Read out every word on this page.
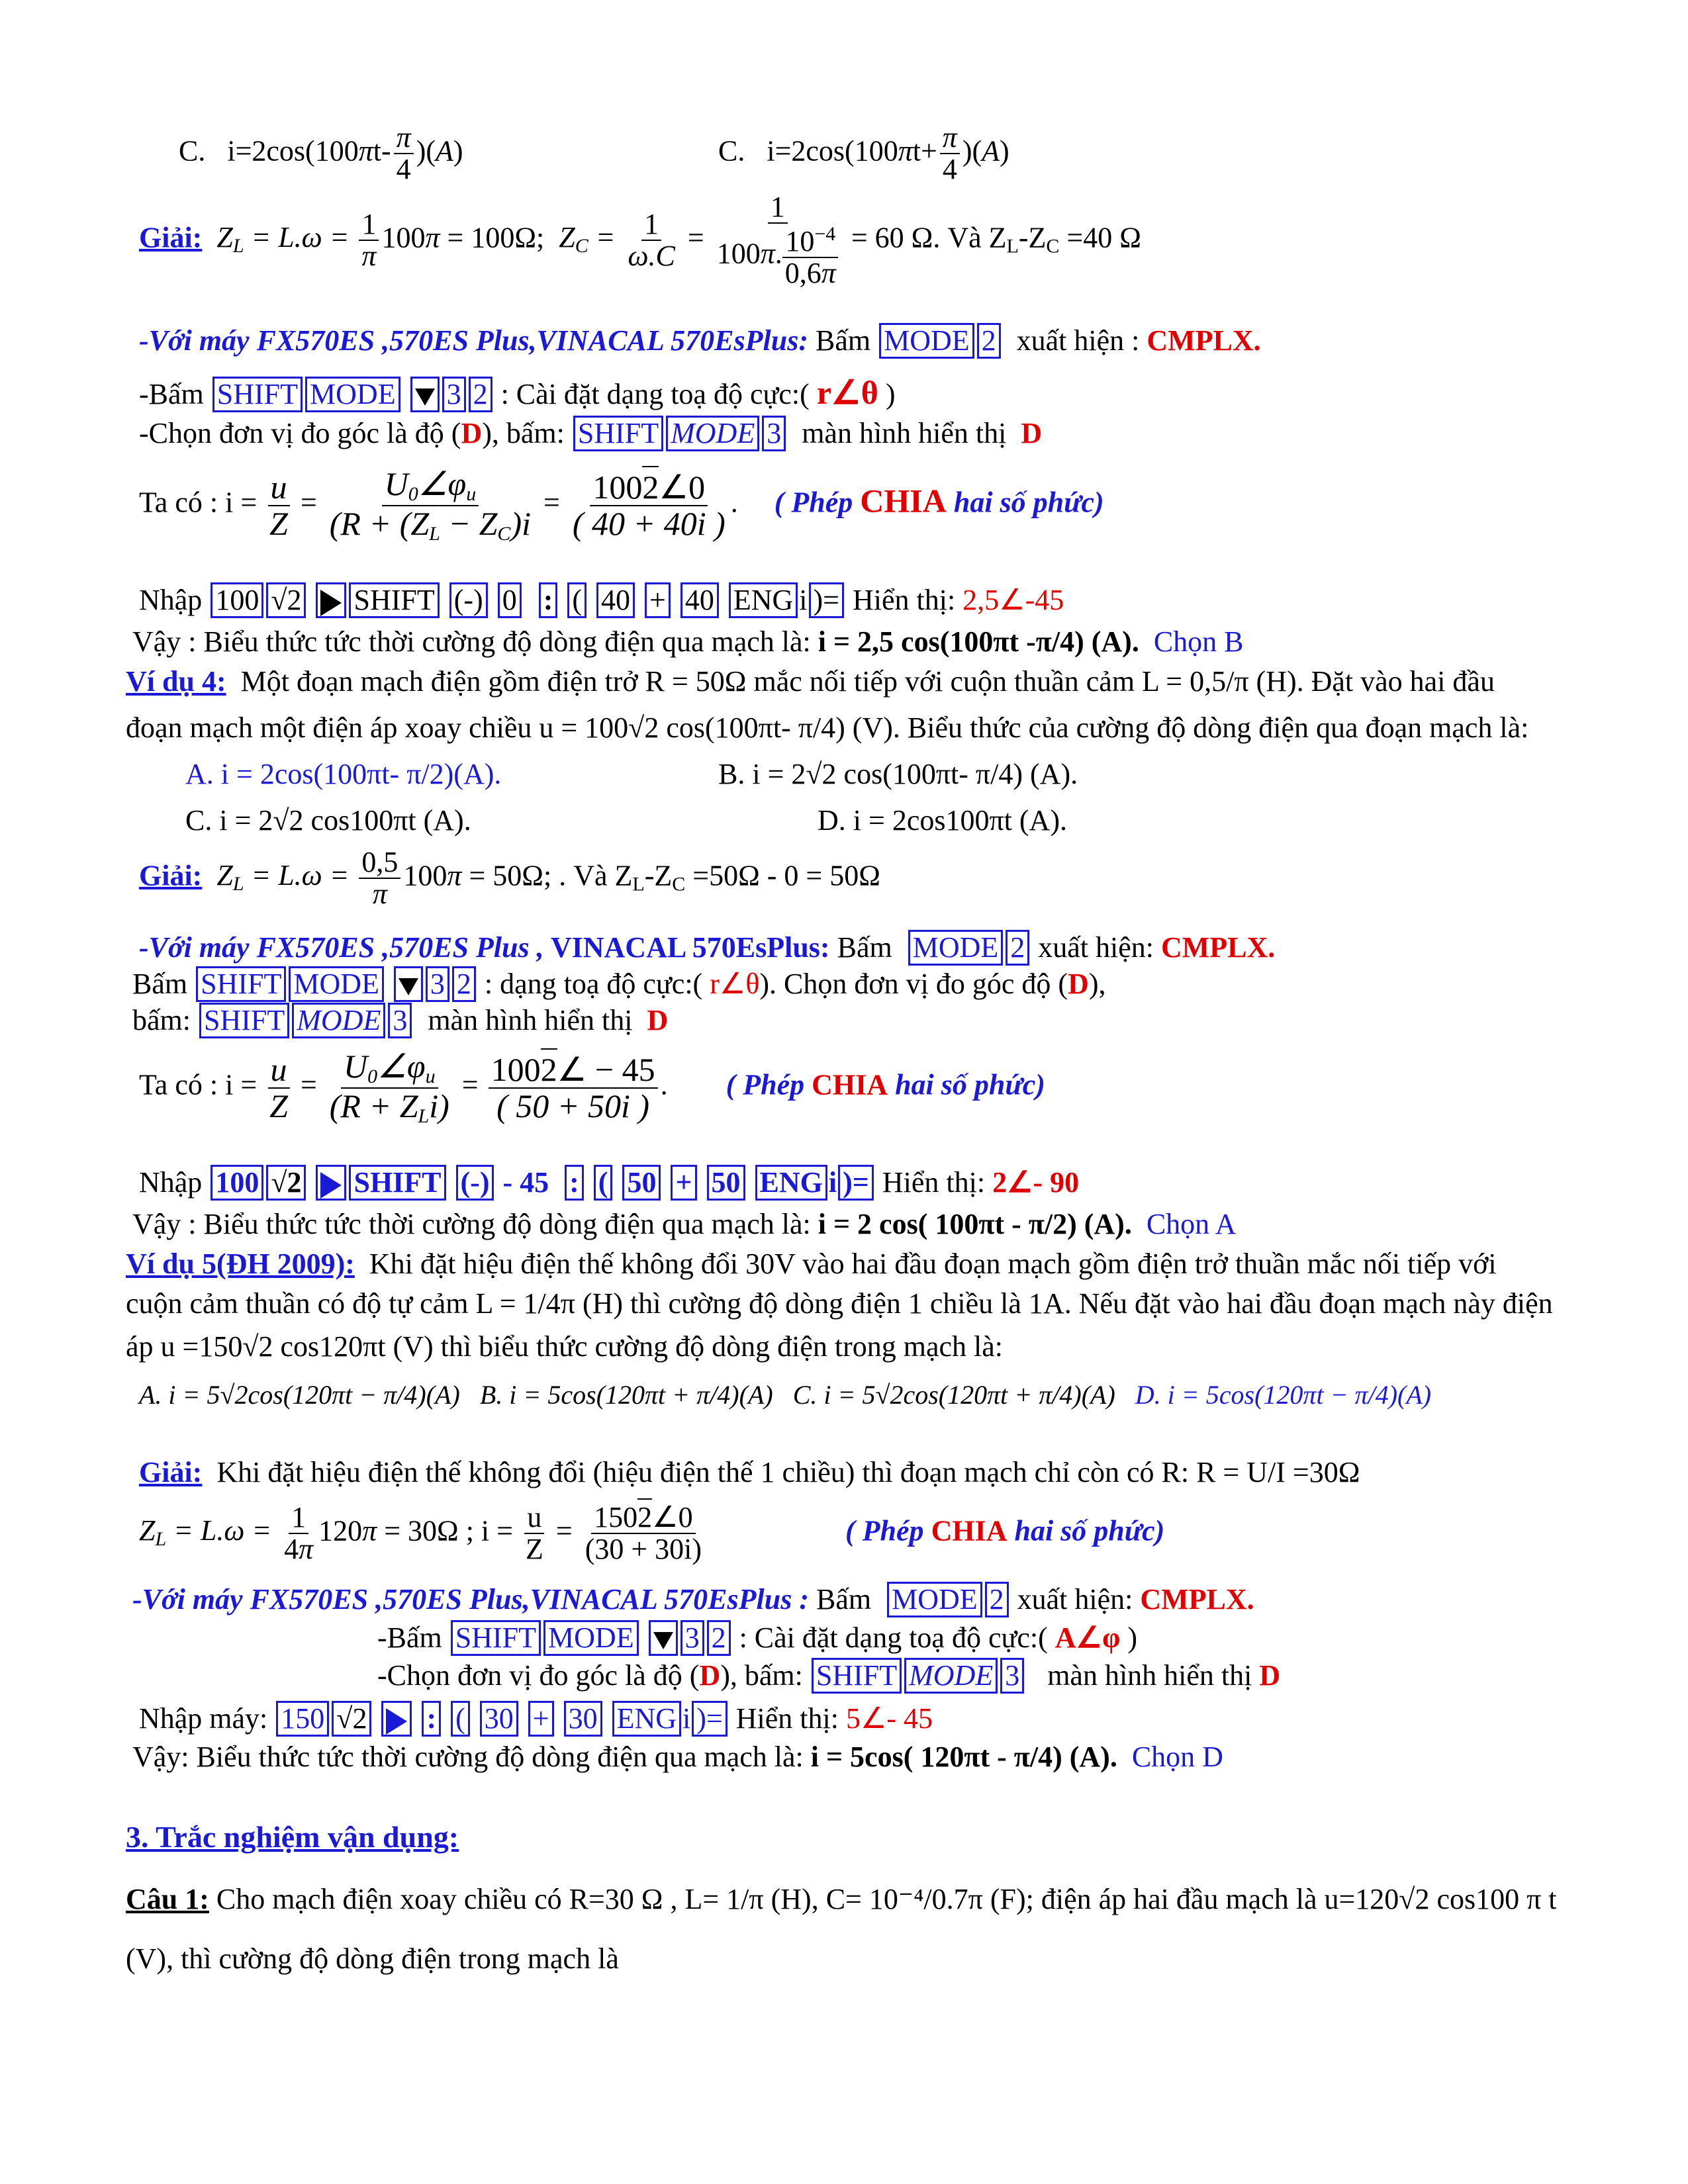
C.   $i=2\cos(100\pi t- \frac{\pi}{4} )(A)$	C.   $i=2\cos(100\pi t+ \frac{\pi}{4} )(A)$
Giải:  $Z_L = L.\omega = \frac{1}{\pi} 100\pi = 100\Omega$;  $Z_C = \frac{1}{\omega.C} = \frac{1}{100\pi. \frac{10^{-4}}{0,6\pi}} = 60$ Ω. Và $Z_L-Z_C =40$ Ω
-Với máy FX570ES ,570ES Plus,VINACAL 570EsPlus: Bấm MODE 2 xuất hiện : CMPLX.
-Bấm SHIFT MODE 3 2 : Cài đặt dạng toạ độ cực:( r∠θ )
-Chọn đơn vị đo góc là độ (D), bấm: SHIFT MODE 3 màn hình hiển thị D
Ta có : $i = \frac{u}{Z} = \frac{U_0\angle\varphi_u}{(R + (Z_L - Z_C)i} = \frac{1002\angle 0}{( 40 + 40i )}$ .     ( Phép CHIA hai số phức)
Nhập 100 √2 SHIFT (-) 0 : ( 40 + 40 ENG i )= Hiển thị: 2,5∠-45
Vậy : Biểu thức tức thời cường độ dòng điện qua mạch là: i = 2,5 cos(100πt -π/4) (A). Chọn B
Ví dụ 4: Một đoạn mạch điện gồm điện trở R = 50Ω mắc nối tiếp với cuộn thuần cảm L = 0,5/π (H). Đặt vào hai đầu
đoạn mạch một điện áp xoay chiều u = 100√2 cos(100πt- π/4) (V). Biểu thức của cường độ dòng điện qua đoạn mạch là:
A. i = 2cos(100πt- π/2)(A).	B. i = 2√2 cos(100πt- π/4) (A).
C. i = 2√2 cos100πt (A).	D. i = 2cos100πt (A).
Giải:  $Z_L = L.\omega = \frac{0,5}{\pi} 100\pi = 50\Omega$; . Và $Z_L-Z_C =50\Omega - 0 = 50\Omega$
-Với máy FX570ES ,570ES Plus , VINACAL 570EsPlus: Bấm MODE 2 xuất hiện: CMPLX.
Bấm SHIFT MODE 3 2 : dạng toạ độ cực:( r∠θ). Chọn đơn vị đo góc độ (D),
bấm: SHIFT MODE 3 màn hình hiển thị D
Ta có : $i = \frac{u}{Z} = \frac{U_0\angle\varphi_u}{(R + Z_Li)} = \frac{1002\angle - 45}{( 50 + 50i )}$ .        ( Phép CHIA hai số phức)
Nhập 100 √2 SHIFT (-) - 45 : ( 50 + 50 ENG i )= Hiển thị: 2∠- 90
Vậy : Biểu thức tức thời cường độ dòng điện qua mạch là: i = 2 cos( 100πt - π/2) (A). Chọn A
Ví dụ 5(ĐH 2009): Khi đặt hiệu điện thế không đổi 30V vào hai đầu đoạn mạch gồm điện trở thuần mắc nối tiếp với
cuộn cảm thuần có độ tự cảm L = 1/4π (H) thì cường độ dòng điện 1 chiều là 1A. Nếu đặt vào hai đầu đoạn mạch này điện
áp u =150√2 cos120πt (V) thì biểu thức cường độ dòng điện trong mạch là:
A. i = 5√2cos(120πt − π/4)(A) B. i = 5cos(120πt + π/4)(A) C. i = 5√2cos(120πt + π/4)(A) D. i = 5cos(120πt − π/4)(A)
Giải: Khi đặt hiệu điện thế không đổi (hiệu điện thế 1 chiều) thì đoạn mạch chỉ còn có R: R = U/I =30Ω
$Z_L = L.\omega = \frac{1}{4\pi} 120\pi = 30\Omega$ ; $i = \frac{u}{Z} = \frac{1502\angle 0}{(30 + 30i)}$	( Phép CHIA hai số phức)
-Với máy FX570ES ,570ES Plus,VINACAL 570EsPlus : Bấm MODE 2 xuất hiện: CMPLX.
-Bấm SHIFT MODE 3 2 : Cài đặt dạng toạ độ cực:( A∠φ )
-Chọn đơn vị đo góc là độ (D), bấm: SHIFT MODE 3 màn hình hiển thị D
Nhập máy: 150 √2 : ( 30 + 30 ENG i )= Hiển thị: 5∠- 45
Vậy: Biểu thức tức thời cường độ dòng điện qua mạch là: i = 5cos( 120πt - π/4) (A). Chọn D
3. Trắc nghiệm vận dụng:
Câu 1: Cho mạch điện xoay chiều có R=30 Ω , L= 1/π (H), C= 10⁻⁴/0.7π (F); điện áp hai đầu mạch là u=120√2 cos100 π t
(V), thì cường độ dòng điện trong mạch là
